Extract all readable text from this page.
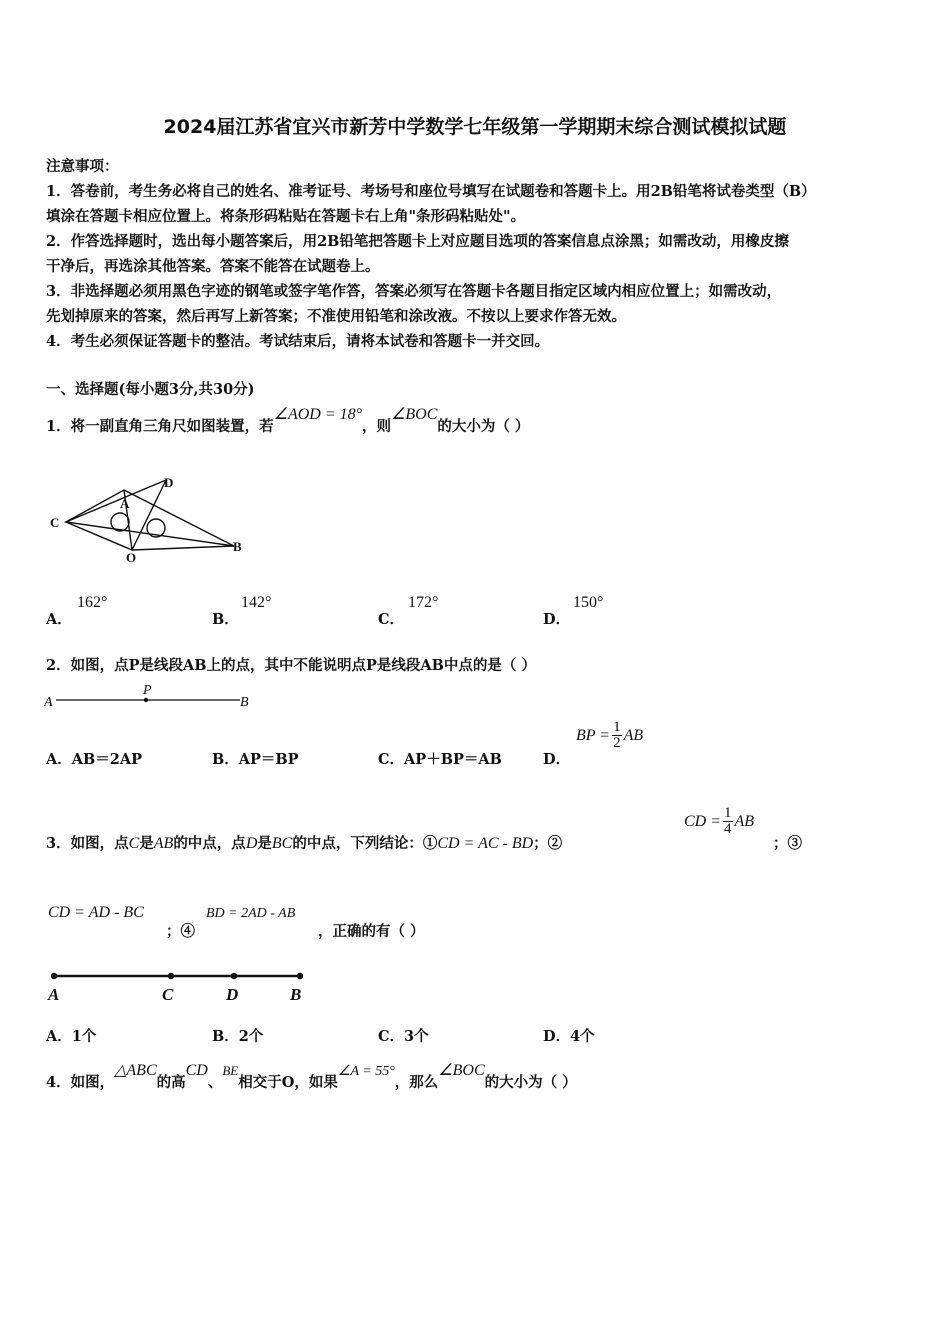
2024届江苏省宜兴市新芳中学数学七年级第一学期期末综合测试模拟试题
注意事项：
1．答卷前，考生务必将自己的姓名、准考证号、考场号和座位号填写在试题卷和答题卡上。用2B铅笔将试卷类型（B）
填涂在答题卡相应位置上。将条形码粘贴在答题卡右上角"条形码粘贴处"。
2．作答选择题时，选出每小题答案后，用2B铅笔把答题卡上对应题目选项的答案信息点涂黑；如需改动，用橡皮擦
干净后，再选涂其他答案。答案不能答在试题卷上。
3．非选择题必须用黑色字迹的钢笔或签字笔作答，答案必须写在答题卡各题目指定区域内相应位置上；如需改动，
先划掉原来的答案，然后再写上新答案；不准使用铅笔和涂改液。不按以上要求作答无效。
4．考生必须保证答题卡的整洁。考试结束后，请将本试卷和答题卡一并交回。
一、选择题(每小题3分,共30分)
1．将一副直角三角尺如图装置，若∠AOD = 18°，则∠BOC的大小为（ ）
C
A
D
O
B
A．
162°
B．
142°
C．
172°
D．
150°
2．如图，点P是线段AB上的点，其中不能说明点P是线段AB中点的是（ ）
A
P
B
A．AB＝2AP	B．AP＝BP	C．AP＋BP＝AB	D．
BP = $\frac{1}{2}$ AB
3．如图，点C是AB的中点，点D是BC的中点，下列结论：①CD = AC - BD；②
CD = $\frac{1}{4}$ AB
；③
CD = AD - BC
；④
BD = 2AD - AB
，正确的有（ ）
A	C	D	B
A．1个	B．2个	C．3个	D．4个
4．如图，△ABC的高CD、BE相交于O，如果∠A = 55°，那么∠BOC的大小为（ ）
